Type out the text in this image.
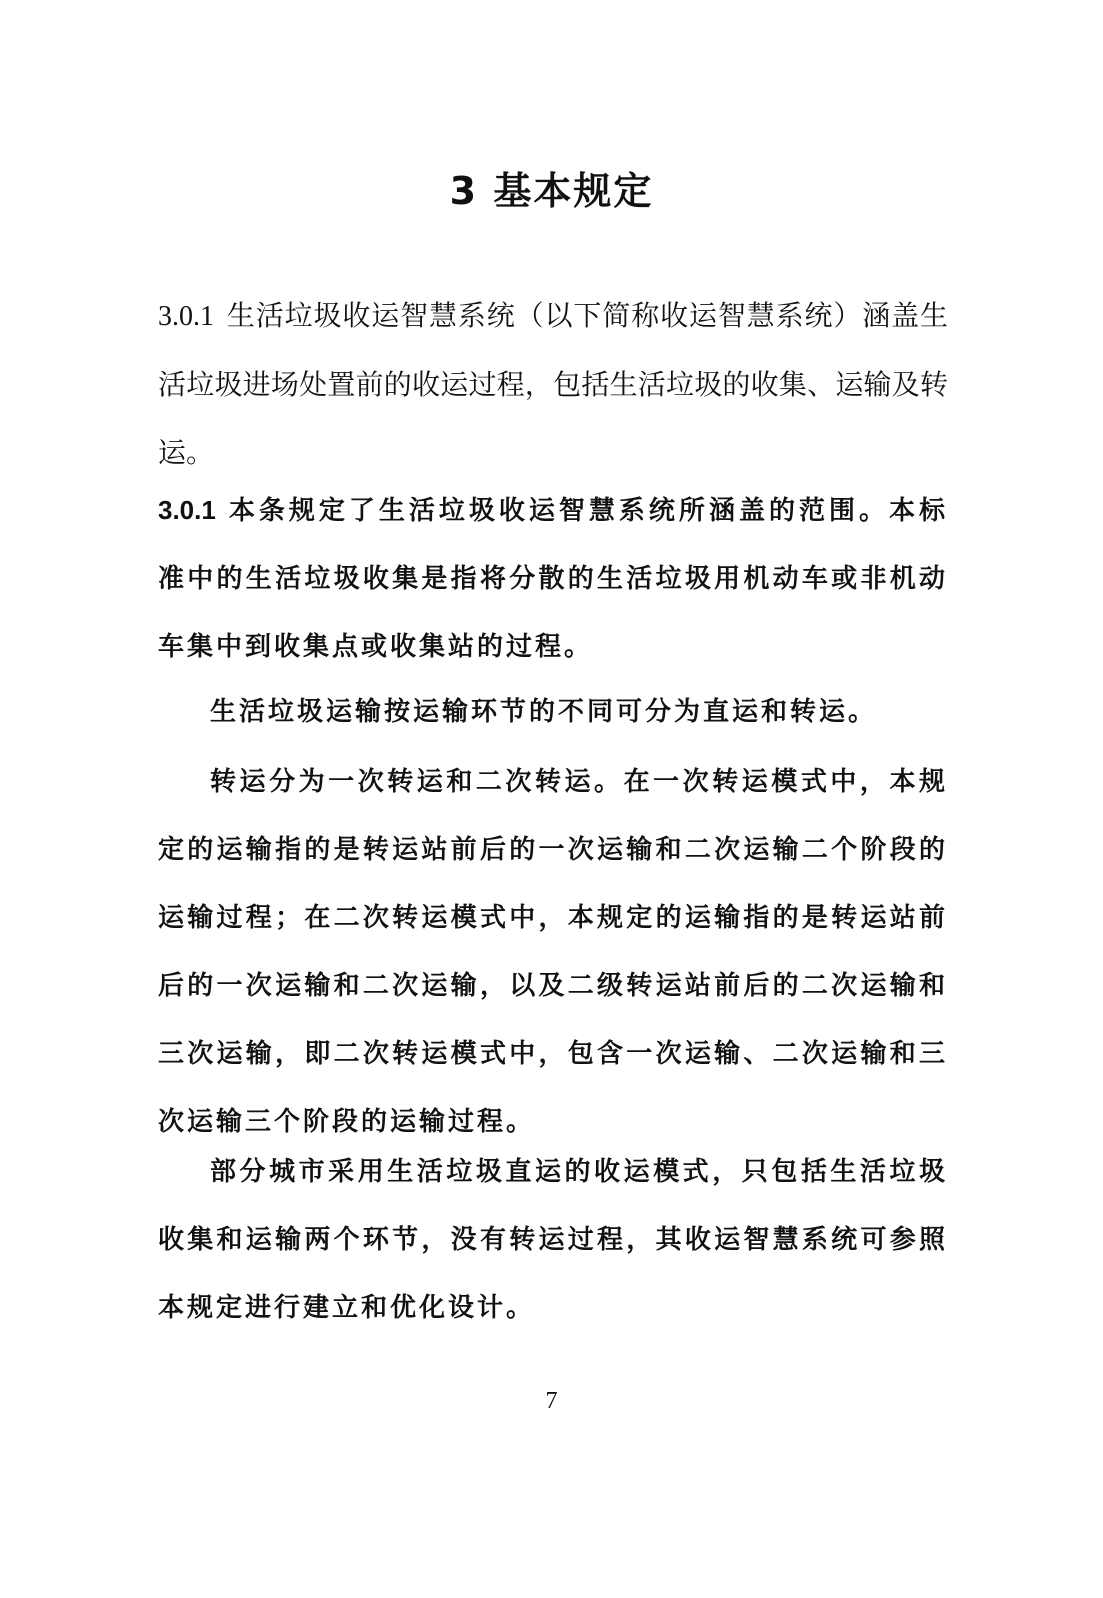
3 基本规定

3.0.1 生活垃圾收运智慧系统（以下简称收运智慧系统）涵盖生活垃圾进场处置前的收运过程，包括生活垃圾的收集、运输及转运。

3.0.1 本条规定了生活垃圾收运智慧系统所涵盖的范围。本标准中的生活垃圾收集是指将分散的生活垃圾用机动车或非机动车集中到收集点或收集站的过程。

生活垃圾运输按运输环节的不同可分为直运和转运。

转运分为一次转运和二次转运。在一次转运模式中，本规定的运输指的是转运站前后的一次运输和二次运输二个阶段的运输过程；在二次转运模式中，本规定的运输指的是转运站前后的一次运输和二次运输，以及二级转运站前后的二次运输和三次运输，即二次转运模式中，包含一次运输、二次运输和三次运输三个阶段的运输过程。

部分城市采用生活垃圾直运的收运模式，只包括生活垃圾收集和运输两个环节，没有转运过程，其收运智慧系统可参照本规定进行建立和优化设计。

7
